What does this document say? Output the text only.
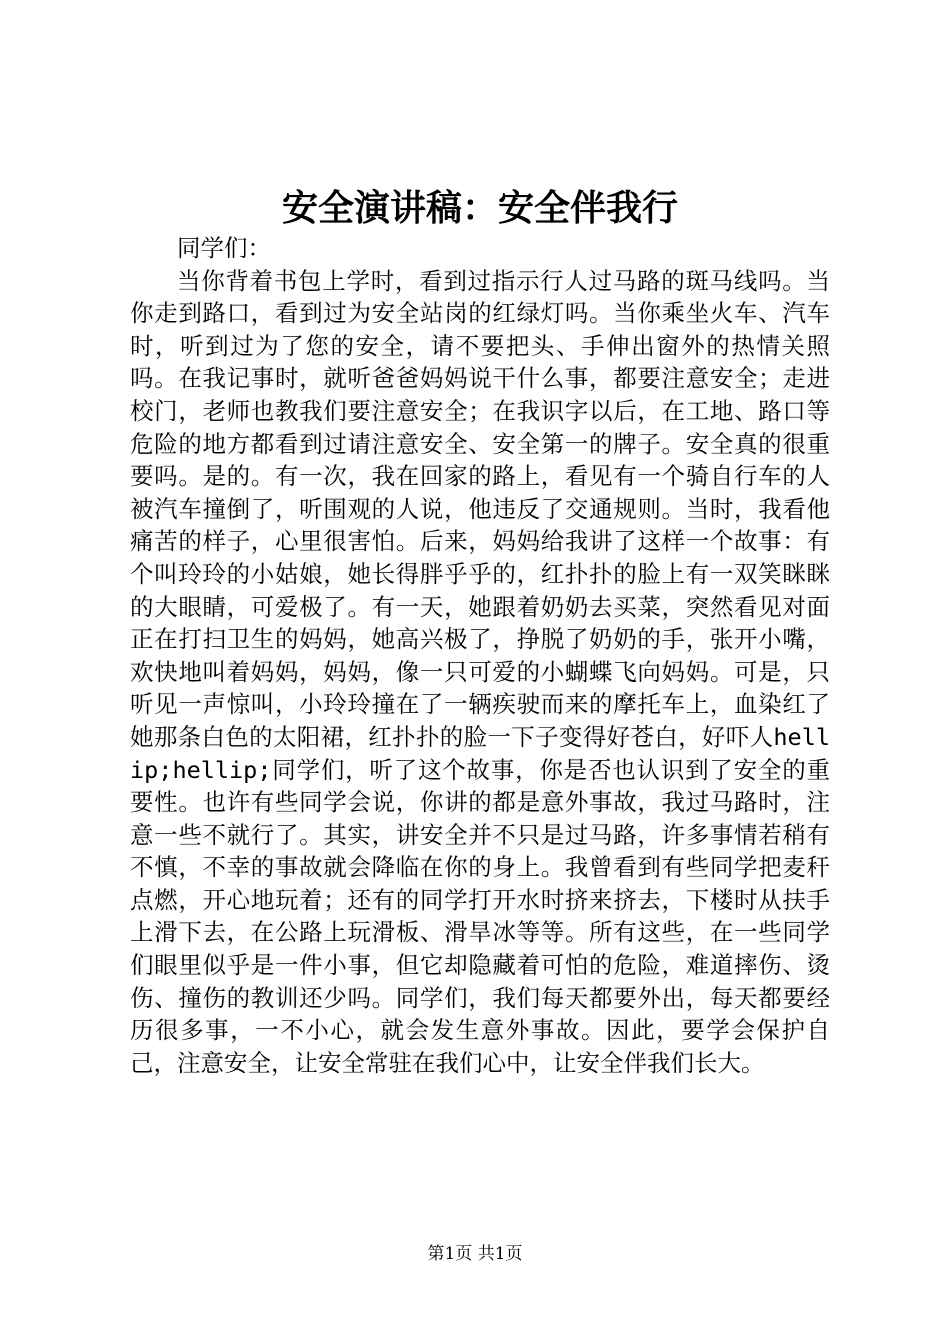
安全演讲稿：安全伴我行

同学们：

当你背着书包上学时，看到过指示行人过马路的斑马线吗。当你走到路口，看到过为安全站岗的红绿灯吗。当你乘坐火车、汽车时，听到过为了您的安全，请不要把头、手伸出窗外的热情关照吗。在我记事时，就听爸爸妈妈说干什么事，都要注意安全；走进校门，老师也教我们要注意安全；在我识字以后，在工地、路口等危险的地方都看到过请注意安全、安全第一的牌子。安全真的很重要吗。是的。有一次，我在回家的路上，看见有一个骑自行车的人被汽车撞倒了，听围观的人说，他违反了交通规则。当时，我看他痛苦的样子，心里很害怕。后来，妈妈给我讲了这样一个故事：有个叫玲玲的小姑娘，她长得胖乎乎的，红扑扑的脸上有一双笑眯眯的大眼睛，可爱极了。有一天，她跟着奶奶去买菜，突然看见对面正在打扫卫生的妈妈，她高兴极了，挣脱了奶奶的手，张开小嘴，欢快地叫着妈妈，妈妈，像一只可爱的小蝴蝶飞向妈妈。可是，只听见一声惊叫，小玲玲撞在了一辆疾驶而来的摩托车上，血染红了她那条白色的太阳裙，红扑扑的脸一下子变得好苍白，好吓人hellip;hellip;同学们，听了这个故事，你是否也认识到了安全的重要性。也许有些同学会说，你讲的都是意外事故，我过马路时，注意一些不就行了。其实，讲安全并不只是过马路，许多事情若稍有不慎，不幸的事故就会降临在你的身上。我曾看到有些同学把麦秆点燃，开心地玩着；还有的同学打开水时挤来挤去，下楼时从扶手上滑下去，在公路上玩滑板、滑旱冰等等。所有这些，在一些同学们眼里似乎是一件小事，但它却隐藏着可怕的危险，难道摔伤、烫伤、撞伤的教训还少吗。同学们，我们每天都要外出，每天都要经历很多事，一不小心，就会发生意外事故。因此，要学会保护自己，注意安全，让安全常驻在我们心中，让安全伴我们长大。

第1页 共1页
